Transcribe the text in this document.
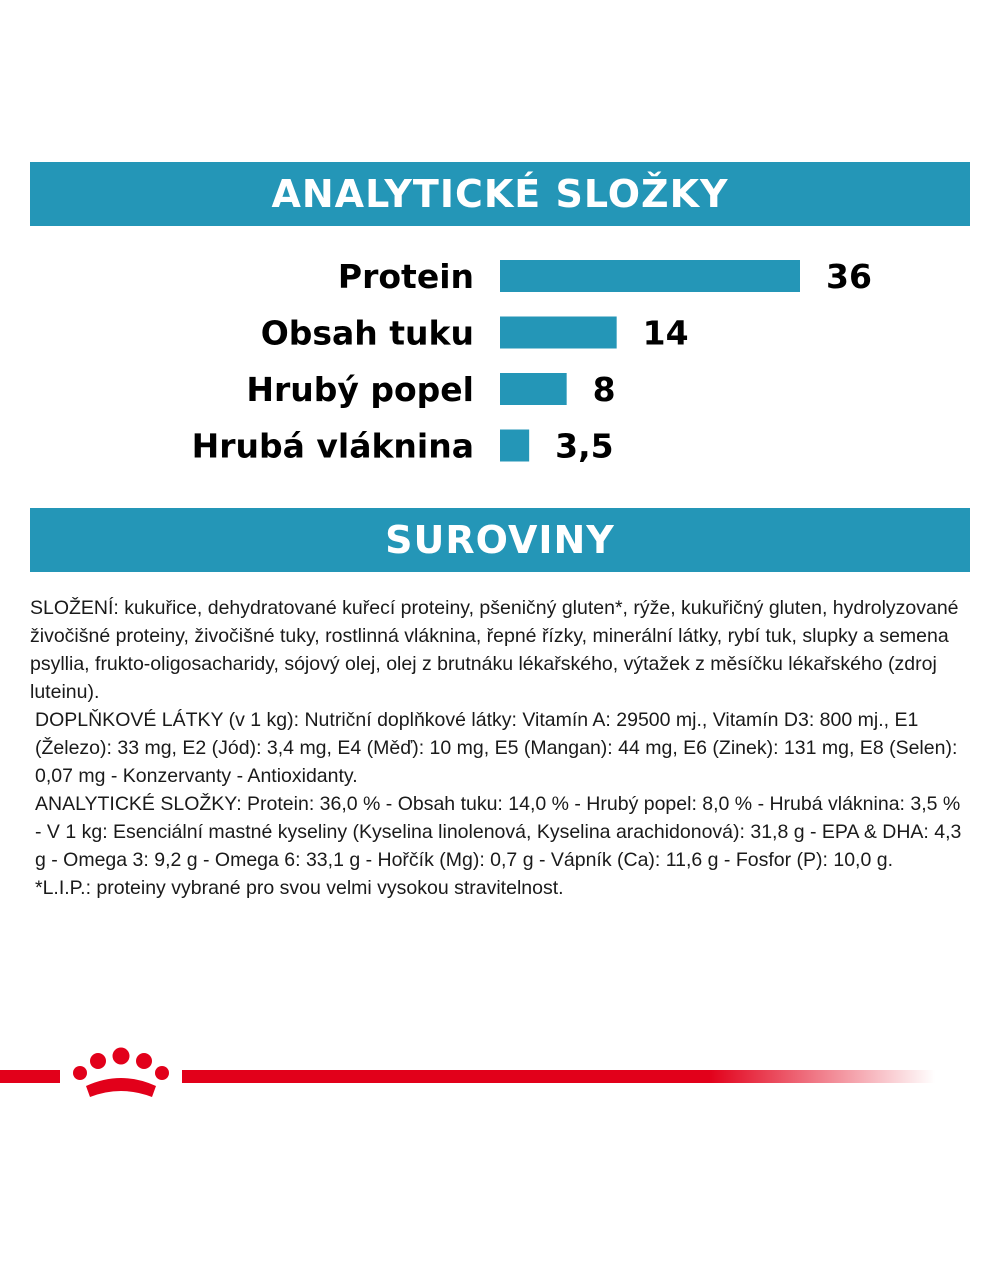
ANALYTICKÉ SLOŽKY
Protein	36
Obsah tuku	14
Hrubý popel	8
Hrubá vláknina 3,5
SUROVINY

SLOŽENÍ: kukuřice, dehydratované kuřecí proteiny, pšeničný gluten*, rýže, kukuřičný gluten, hydrolyzované živočišné proteiny, živočišné tuky, rostlinná vláknina, řepné řízky, minerální látky, rybí tuk, slupky a semena psyllia, frukto-oligosacharidy, sójový olej, olej z brutnáku lékařského, výtažek z měsíčku lékařského (zdroj luteinu).

DOPLŇKOVÉ LÁTKY (v 1 kg): Nutriční doplňkové látky: Vitamín A: 29500 mj., Vitamín D3: 800 mj., E1 (Železo): 33 mg, E2 (Jód): 3,4 mg, E4 (Měď): 10 mg, E5 (Mangan): 44 mg, E6 (Zinek): 131 mg, E8 (Selen): 0,07 mg - Konzervanty - Antioxidanty.

ANALYTICKÉ SLOŽKY: Protein: 36,0 % - Obsah tuku: 14,0 % - Hrubý popel: 8,0 % - Hrubá vláknina: 3,5 % - V 1 kg: Esenciální mastné kyseliny (Kyselina linolenová, Kyselina arachidonová): 31,8 g - EPA & DHA: 4,3 g - Omega 3: 9,2 g - Omega 6: 33,1 g - Hořčík (Mg): 0,7 g - Vápník (Ca): 11,6 g - Fosfor (P): 10,0 g.

*L.I.P.: proteiny vybrané pro svou velmi vysokou stravitelnost.
